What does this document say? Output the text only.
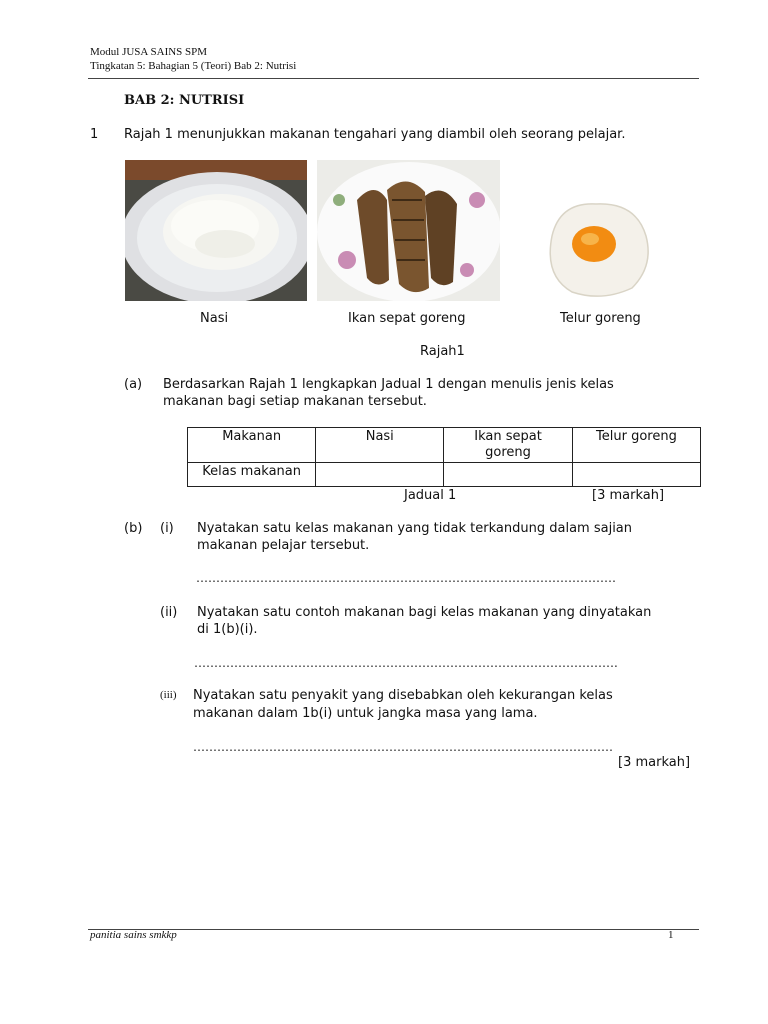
Modul JUSA SAINS SPM
Tingkatan 5: Bahagian 5 (Teori) Bab 2: Nutrisi
BAB 2: NUTRISI
1 Rajah 1 menunjukkan makanan tengahari yang diambil oleh seorang pelajar.
Nasi	Ikan sepat goreng	Telur goreng
Rajah1
(a) Berdasarkan Rajah 1 lengkapkan Jadual 1 dengan menulis jenis kelas
makanan bagi setiap makanan tersebut.
Makanan	Nasi	Ikan sepat goreng	Telur goreng
Kelas makanan			
Jadual 1	[3 markah]
(b) (i) Nyatakan satu kelas makanan yang tidak terkandung dalam sajian
makanan pelajar tersebut.
……………………………………………………………………………………………
(ii) Nyatakan satu contoh makanan bagi kelas makanan yang dinyatakan
di 1(b)(i).
…………………………………………………………………………………………….
(iii) Nyatakan satu penyakit yang disebabkan oleh kekurangan kelas
makanan dalam 1b(i) untuk jangka masa yang lama.
……………………………………………………………………………………………
[3 markah]
panitia sains smkkp	1
